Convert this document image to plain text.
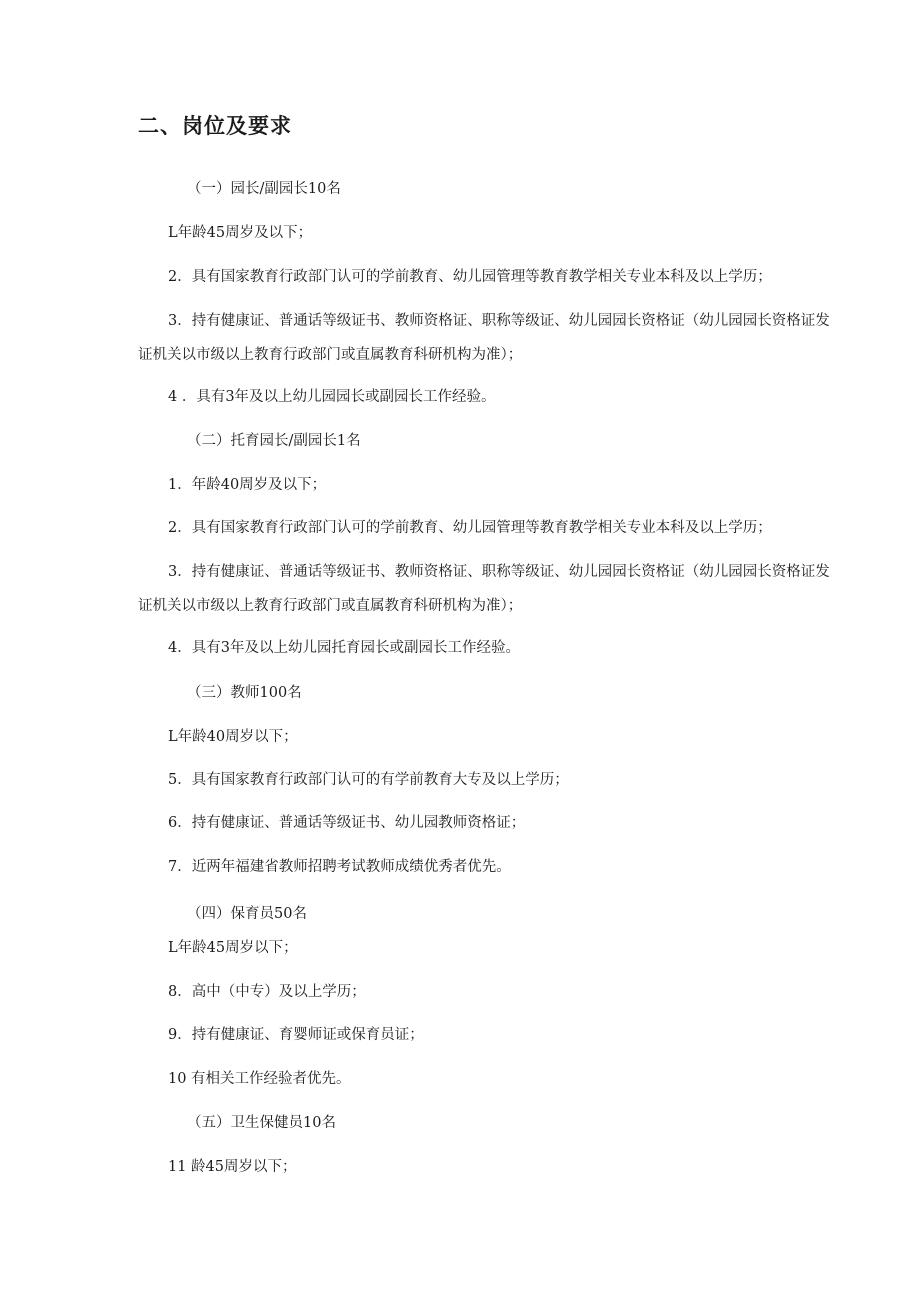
二、岗位及要求
（一）园长/副园长10名
L年龄45周岁及以下；
2．具有国家教育行政部门认可的学前教育、幼儿园管理等教育教学相关专业本科及以上学历；
3．持有健康证、普通话等级证书、教师资格证、职称等级证、幼儿园园长资格证（幼儿园园长资格证发
证机关以市级以上教育行政部门或直属教育科研机构为准）；
4 ．具有3年及以上幼儿园园长或副园长工作经验。
（二）托育园长/副园长1名
1．年龄40周岁及以下；
2．具有国家教育行政部门认可的学前教育、幼儿园管理等教育教学相关专业本科及以上学历；
3．持有健康证、普通话等级证书、教师资格证、职称等级证、幼儿园园长资格证（幼儿园园长资格证发
证机关以市级以上教育行政部门或直属教育科研机构为准）；
4．具有3年及以上幼儿园托育园长或副园长工作经验。
（三）教师100名
L年龄40周岁以下；
5．具有国家教育行政部门认可的有学前教育大专及以上学历；
6．持有健康证、普通话等级证书、幼儿园教师资格证；
7．近两年福建省教师招聘考试教师成绩优秀者优先。
（四）保育员50名
L年龄45周岁以下；
8．高中（中专）及以上学历；
9．持有健康证、育婴师证或保育员证；
10 有相关工作经验者优先。
（五）卫生保健员10名
11 龄45周岁以下；
